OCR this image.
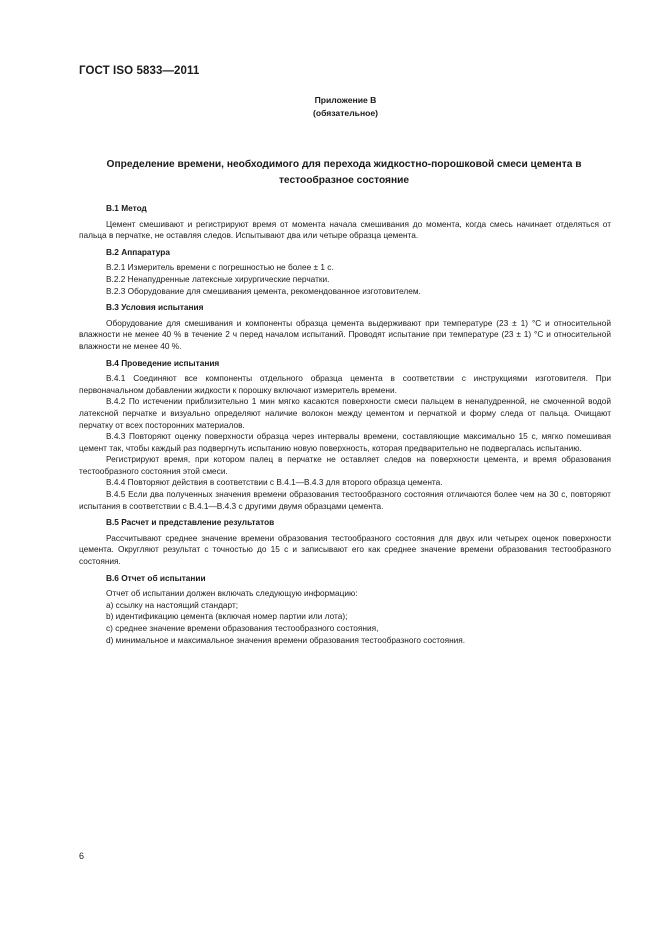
ГОСТ ISO 5833—2011
Приложение В
(обязательное)
Определение времени, необходимого для перехода жидкостно-порошковой смеси цемента в тестообразное состояние
В.1 Метод

Цемент смешивают и регистрируют время от момента начала смешивания до момента, когда смесь начинает отделяться от пальца в перчатке, не оставляя следов. Испытывают два или четыре образца цемента.

В.2 Аппаратура

В.2.1 Измеритель времени с погрешностью не более ± 1 с.

В.2.2 Ненапудренные латексные хирургические перчатки.

В.2.3 Оборудование для смешивания цемента, рекомендованное изготовителем.

В.3 Условия испытания

Оборудование для смешивания и компоненты образца цемента выдерживают при температуре (23 ± 1) °С и относительной влажности не менее 40 % в течение 2 ч перед началом испытаний. Проводят испытание при температуре (23 ± 1) °С и относительной влажности не менее 40 %.

В.4 Проведение испытания

В.4.1 Соединяют все компоненты отдельного образца цемента в соответствии с инструкциями изготовителя. При первоначальном добавлении жидкости к порошку включают измеритель времени.

В.4.2 По истечении приблизительно 1 мин мягко касаются поверхности смеси пальцем в ненапудренной, не смоченной водой латексной перчатке и визуально определяют наличие волокон между цементом и перчаткой и форму следа от пальца. Очищают перчатку от всех посторонних материалов.

В.4.3 Повторяют оценку поверхности образца через интервалы времени, составляющие максимально 15 с, мягко помешивая цемент так, чтобы каждый раз подвергнуть испытанию новую поверхность, которая предварительно не подвергалась испытанию.

Регистрируют время, при котором палец в перчатке не оставляет следов на поверхности цемента, и время образования тестообразного состояния этой смеси.

В.4.4 Повторяют действия в соответствии с В.4.1—В.4.3 для второго образца цемента.

В.4.5 Если два полученных значения времени образования тестообразного состояния отличаются более чем на 30 с, повторяют испытания в соответствии с В.4.1—В.4.3 с другими двумя образцами цемента.

В.5 Расчет и представление результатов

Рассчитывают среднее значение времени образования тестообразного состояния для двух или четырех оценок поверхности цемента. Округляют результат с точностью до 15 с и записывают его как среднее значение времени образования тестообразного состояния.

В.6 Отчет об испытании

Отчет об испытании должен включать следующую информацию:

a) ссылку на настоящий стандарт;

b) идентификацию цемента (включая номер партии или лота);

c) среднее значение времени образования тестообразного состояния,

d) минимальное и максимальное значения времени образования тестообразного состояния.

6
